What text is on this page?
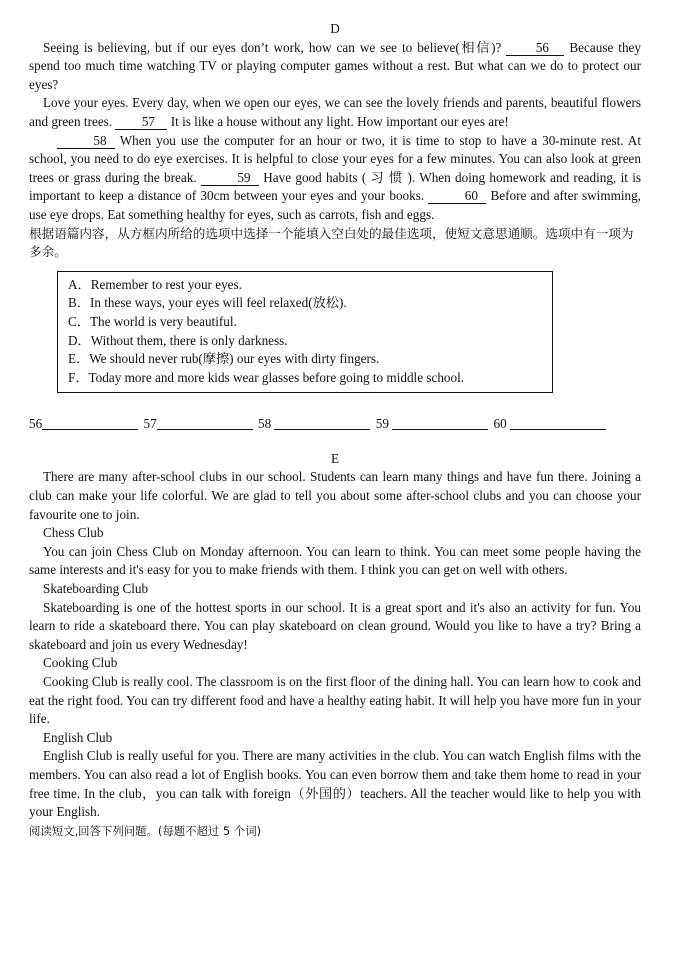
D

Seeing is believing, but if our eyes don’t work, how can we see to believe(相信)? 56 Because they spend too much time watching TV or playing computer games without a rest. But what can we do to protect our eyes?

Love your eyes. Every day, when we open our eyes, we can see the lovely friends and parents, beautiful flowers and green trees. 57 It is like a house without any light. How important our eyes are!

58 When you use the computer for an hour or two, it is time to stop to have a 30-minute rest. At school, you need to do eye exercises. It is helpful to close your eyes for a few minutes. You can also look at green trees or grass during the break.	59 Have good habits ( 习 惯 ). When doing homework and reading, it is important to keep a distance of 30cm between your eyes and your books.	60 Before and after swimming, use eye drops. Eat something healthy for eyes, such as carrots, fish and eggs.

根据语篇内容，从方框内所给的选项中选择一个能填入空白处的最佳选项，使短文意思通顺。选项中有一项为多余。

A．Remember to rest your eyes.

B．In these ways, your eyes will feel relaxed(放松).

C．The world is very beautiful.

D．Without them, there is only darkness.

E．We should never rub(摩擦) our eyes with dirty fingers.

F．Today more and more kids wear glasses before going to middle school.

56	57	58	59	60
E

There are many after-school clubs in our school. Students can learn many things and have fun there. Joining a club can make your life colorful. We are glad to tell you about some after-school clubs and you can choose your favourite one to join.

Chess Club

You can join Chess Club on Monday afternoon. You can learn to think. You can meet some people having the same interests and it's easy for you to make friends with them. I think you can get on well with others.

Skateboarding Club

Skateboarding is one of the hottest sports in our school. It is a great sport and it's also an activity for fun. You learn to ride a skateboard there. You can play skateboard on clean ground. Would you like to have a try? Bring a skateboard and join us every Wednesday!

Cooking Club

Cooking Club is really cool. The classroom is on the first floor of the dining hall. You can learn how to cook and eat the right food. You can try different food and have a healthy eating habit. It will help you have more fun in your life.

English Club

English Club is really useful for you. There are many activities in the club. You can watch English films with the members. You can also read a lot of English books. You can even borrow them and take them home to read in your free time. In the club，you can talk with foreign（外国的）teachers. All the teacher would like to help you with your English.

阅读短文,回答下列问题。(每题不超过 5 个词)
